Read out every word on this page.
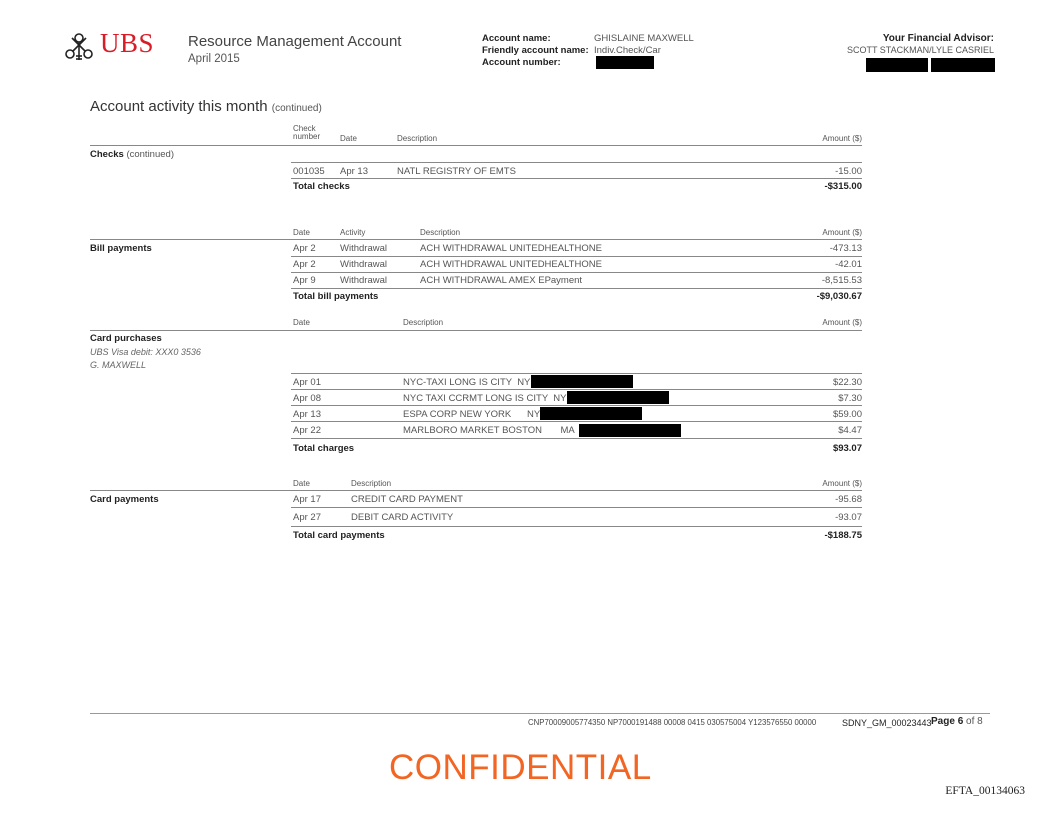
UBS Resource Management Account
April 2015
Account name:	GHISLAINE MAXWELL
Friendly account name: Indiv.Check/Car
Account number:
Your Financial Advisor:
SCOTT STACKMAN/LYLE CASRIEL
Account activity this month (continued)
Check
number Date	Description	Amount ($)
Checks (continued)
001035 Apr 13	NATL REGISTRY OF EMTS	-15.00
Total checks	-$315.00
Date	Activity	Description	Amount ($)
Bill payments	Apr 2	Withdrawal	ACH WITHDRAWAL UNITEDHEALTHONE	-473.13
Apr 2	Withdrawal	ACH WITHDRAWAL UNITEDHEALTHONE	-42.01
Apr 9	Withdrawal	ACH WITHDRAWAL AMEX EPayment	-8,515.53
Total bill payments	-$9,030.67
Date	Description	Amount ($)
Card purchases
UBS Visa debit: XXX0 3536
G. MAXWELL
Apr 01	NYC-TAXI LONG IS CITY  NY	$22.30
Apr 08	NYC TAXI CCRMT LONG IS CITY  NY	$7.30
Apr 13	ESPA CORP NEW YORK      NY	$59.00
Apr 22	MARLBORO MARKET BOSTON       MA	$4.47
Total charges	$93.07
Date	Description	Amount ($)
Card payments	Apr 17	CREDIT CARD PAYMENT	-95.68
Apr 27	DEBIT CARD ACTIVITY	-93.07
Total card payments	-$188.75
CNP70009005774350 NP7000191488 00008 0415 030575004 Y123576550 00000	SDNY_GM_00023443 Page 6 of 8
CONFIDENTIAL
EFTA_00134063
